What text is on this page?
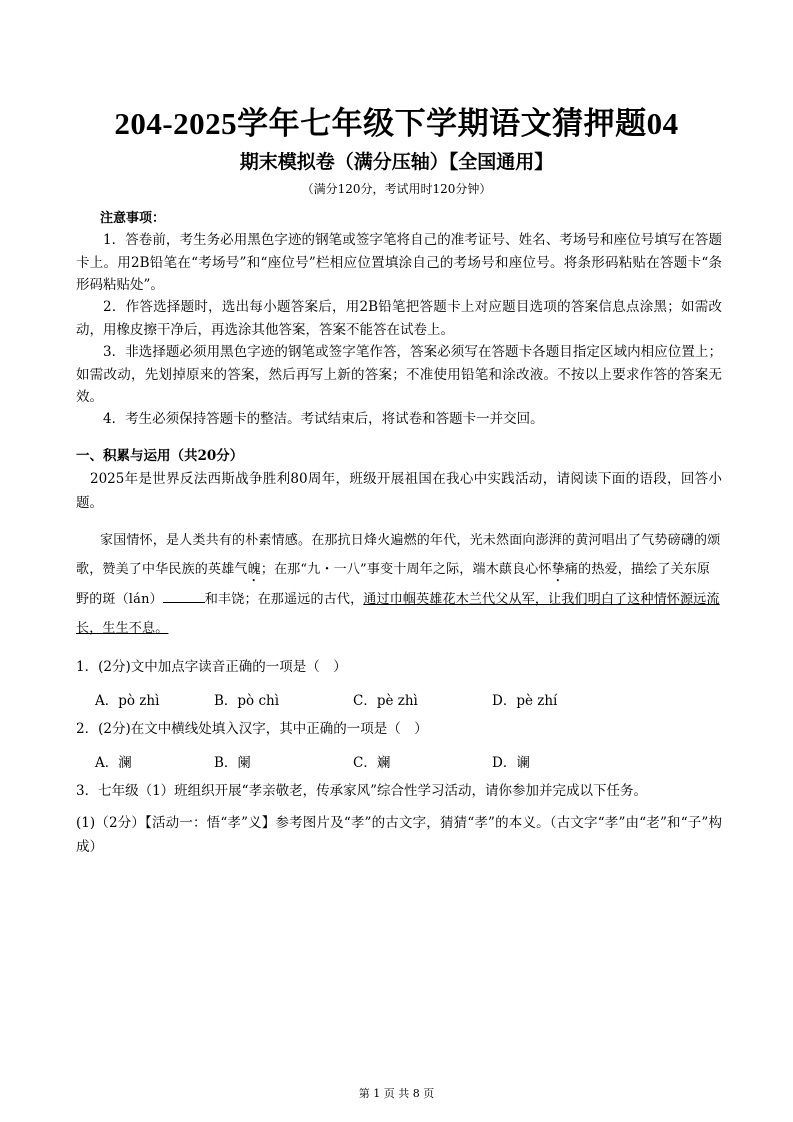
204-2025学年七年级下学期语文猜押题04
期末模拟卷（满分压轴）【全国通用】
（满分120分，考试用时120分钟）
注意事项：
1．答卷前，考生务必用黑色字迹的钢笔或签字笔将自己的准考证号、姓名、考场号和座位号填写在答题卡上。用2B铅笔在“考场号”和“座位号”栏相应位置填涂自己的考场号和座位号。将条形码粘贴在答题卡“条形码粘贴处”。
2．作答选择题时，选出每小题答案后，用2B铅笔把答题卡上对应题目选项的答案信息点涂黑；如需改动，用橡皮擦干净后，再选涂其他答案，答案不能答在试卷上。
3．非选择题必须用黑色字迹的钢笔或签字笔作答，答案必须写在答题卡各题目指定区域内相应位置上；如需改动，先划掉原来的答案，然后再写上新的答案；不准使用铅笔和涂改液。不按以上要求作答的答案无效。
4．考生必须保持答题卡的整洁。考试结束后，将试卷和答题卡一并交回。
一、积累与运用（共20分）
2025年是世界反法西斯战争胜利80周年，班级开展祖国在我心中实践活动，请阅读下面的语段，回答小题。
家国情怀，是人类共有的朴素情感。在那抗日烽火遍燃的年代，光未然面向澎湃的黄河唱出了气势磅礴的颂歌，赞美了中华民族的英雄气魄；在那“九・一八”事变十周年之际，端木蕻良心怀挚痛的热爱，描绘了关东原野的斑（lán）	和丰饶；在那遥远的古代，通过巾帼英雄花木兰代父从军，让我们明白了这种情怀源远流长，生生不息。
1．(2分)文中加点字读音正确的一项是（　）
A．pò zhì	B．pò chì	C．pè zhì	D．pè zhí
2．(2分)在文中横线处填入汉字，其中正确的一项是（　）
A．澜	B．阑	C．斓	D．谰
3．七年级（1）班组织开展“孝亲敬老，传承家风”综合性学习活动，请你参加并完成以下任务。
(1)（2分）【活动一：悟“孝”义】参考图片及“孝”的古文字，猜猜“孝”的本义。（古文字“孝”由“老”和“子”构成）
第 1 页 共 8 页
